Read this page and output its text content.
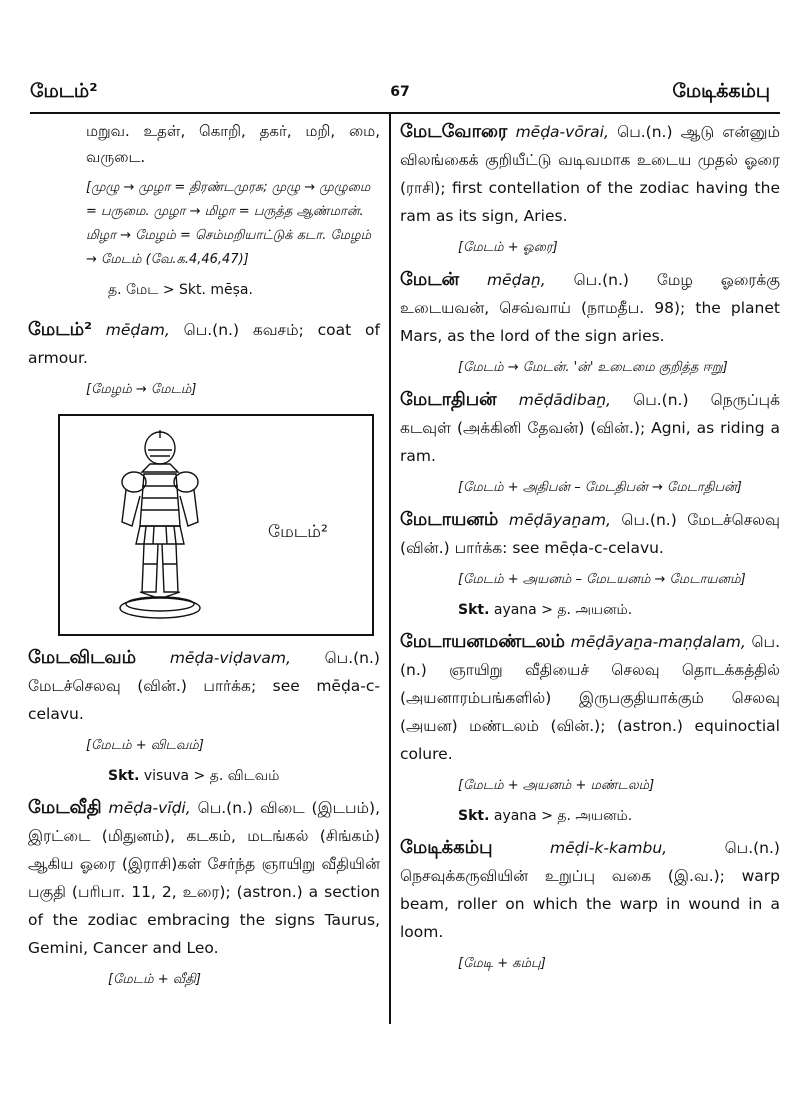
மேடம்²	67	மேடிக்கம்பு

மறுவ. உதள், கொறி, தகர், மறி, மை, வருடை.

[முழு → முழா = திரண்டமுரசு; முழு → முழுமை = பருமை. முழா → மிழா = பருத்த ஆண்மான். மிழா → மேழம் = செம்மறியாட்டுக் கடா. மேழம் → மேடம் (வே.க.4,46,47)]

த. மேட > Skt. mēṣa.

மேடம்² mēḍam, பெ.(n.) கவசம்; coat of armour.

[மேழம் → மேடம்]

மேடம்²

மேடவிடவம் mēḍa-viḍavam, பெ.(n.) மேடச்செலவு (வின்.) பார்க்க; see mēḍa-c-celavu.

[மேடம் + விடவம்]

Skt. visuva > த. விடவம்

மேடவீதி mēḍa-vīḍi, பெ.(n.) விடை (இடபம்), இரட்டை (மிதுனம்), கடகம், மடங்கல் (சிங்கம்) ஆகிய ஓரை (இராசி)கள் சேர்ந்த ஞாயிறு வீதியின் பகுதி (பரிபா. 11, 2, உரை); (astron.) a section of the zodiac embracing the signs Taurus, Gemini, Cancer and Leo.

[மேடம் + வீதி]

மேடவோரை mēḍa-vōrai, பெ.(n.) ஆடு என்னும் விலங்கைக் குறியீட்டு வடிவமாக உடைய முதல் ஓரை (ராசி); first contellation of the zodiac having the ram as its sign, Aries.

[மேடம் + ஓரை]

மேடன் mēḍaṉ, பெ.(n.) மேழ ஓரைக்கு உடையவன், செவ்வாய் (நாமதீப. 98); the planet Mars, as the lord of the sign aries.

[மேடம் → மேடன். 'ன்' உடைமை குறித்த ஈறு]

மேடாதிபன் mēḍādibaṉ, பெ.(n.) நெருப்புக் கடவுள் (அக்கினி தேவன்) (வின்.); Agni, as riding a ram.

[மேடம் + அதிபன் – மேடதிபன் → மேடாதிபன்]

மேடாயனம் mēḍāyaṉam, பெ.(n.) மேடச்செலவு (வின்.) பார்க்க: see mēḍa-c-celavu.

[மேடம் + அயனம் – மேடயனம் → மேடாயனம்]

Skt. ayana > த. அயனம்.

மேடாயனமண்டலம் mēḍāyaṉa-maṇḍalam, பெ.(n.) ஞாயிறு வீதியைச் செலவு தொடக்கத்தில் (அயனாரம்பங்களில்) இருபகுதியாக்கும் செலவு (அயன) மண்டலம் (வின்.); (astron.) equinoctial colure.

[மேடம் + அயனம் + மண்டலம்]

Skt. ayana > த. அயனம்.

மேடிக்கம்பு	mēḍi-k-kambu,	பெ.(n.) நெசவுக்கருவியின் உறுப்பு வகை (இ.வ.); warp beam, roller on which the warp in wound in a loom.

[மேடி + கம்பு]
